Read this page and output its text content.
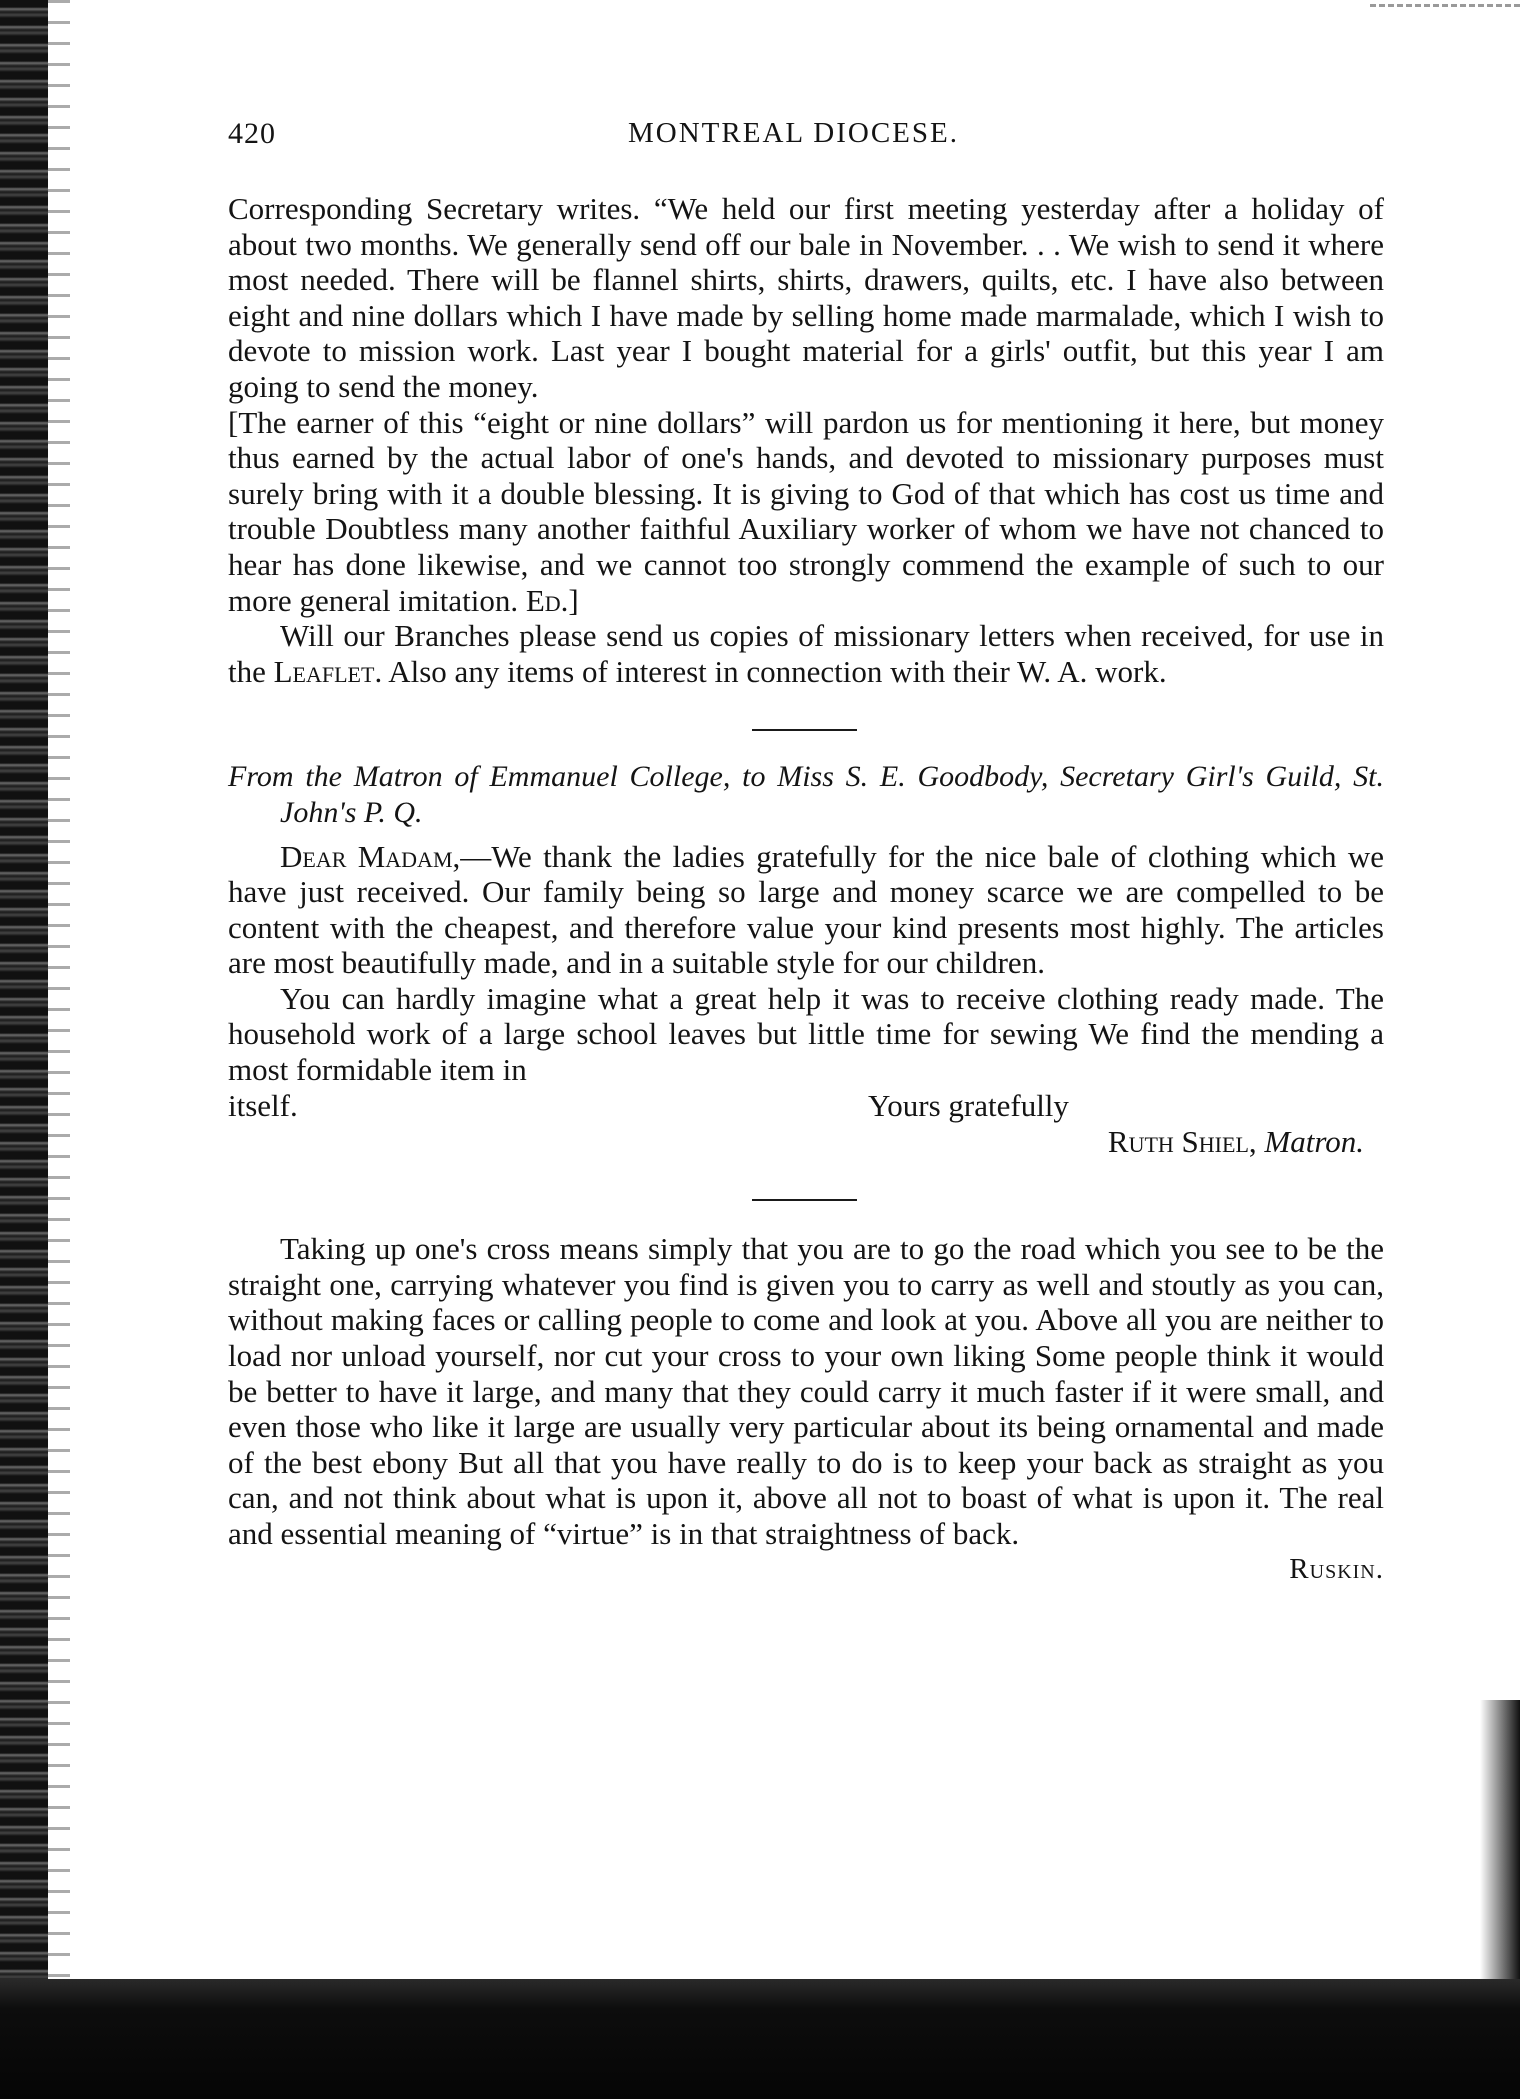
420	MONTREAL DIOCESE.

Corresponding Secretary writes. “We held our first meeting yesterday after a holiday of about two months. We generally send off our bale in November. . . We wish to send it where most needed. There will be flannel shirts, shirts, drawers, quilts, etc. I have also between eight and nine dollars which I have made by selling home made marmalade, which I wish to devote to mission work. Last year I bought material for a girls' outfit, but this year I am going to send the money.

[The earner of this “eight or nine dollars” will pardon us for mentioning it here, but money thus earned by the actual labor of one's hands, and devoted to missionary purposes must surely bring with it a double blessing. It is giving to God of that which has cost us time and trouble Doubtless many another faithful Auxiliary worker of whom we have not chanced to hear has done likewise, and we cannot too strongly commend the example of such to our more general imitation. Ed.]

Will our Branches please send us copies of missionary letters when received, for use in the Leaflet. Also any items of interest in connection with their W. A. work.

From the Matron of Emmanuel College, to Miss S. E. Goodbody, Secretary Girl's Guild, St. John's P. Q.

Dear Madam,—We thank the ladies gratefully for the nice bale of clothing which we have just received. Our family being so large and money scarce we are compelled to be content with the cheapest, and therefore value your kind presents most highly. The articles are most beautifully made, and in a suitable style for our children.

You can hardly imagine what a great help it was to receive clothing ready made. The household work of a large school leaves but little time for sewing We find the mending a most formidable item in

itself.	Yours gratefully
Ruth Shiel, Matron.

Taking up one's cross means simply that you are to go the road which you see to be the straight one, carrying whatever you find is given you to carry as well and stoutly as you can, without making faces or calling people to come and look at you. Above all you are neither to load nor unload yourself, nor cut your cross to your own liking Some people think it would be better to have it large, and many that they could carry it much faster if it were small, and even those who like it large are usually very particular about its being ornamental and made of the best ebony But all that you have really to do is to keep your back as straight as you can, and not think about what is upon it, above all not to boast of what is upon it. The real and essential meaning of “virtue” is in that straightness of back.

Ruskin.
